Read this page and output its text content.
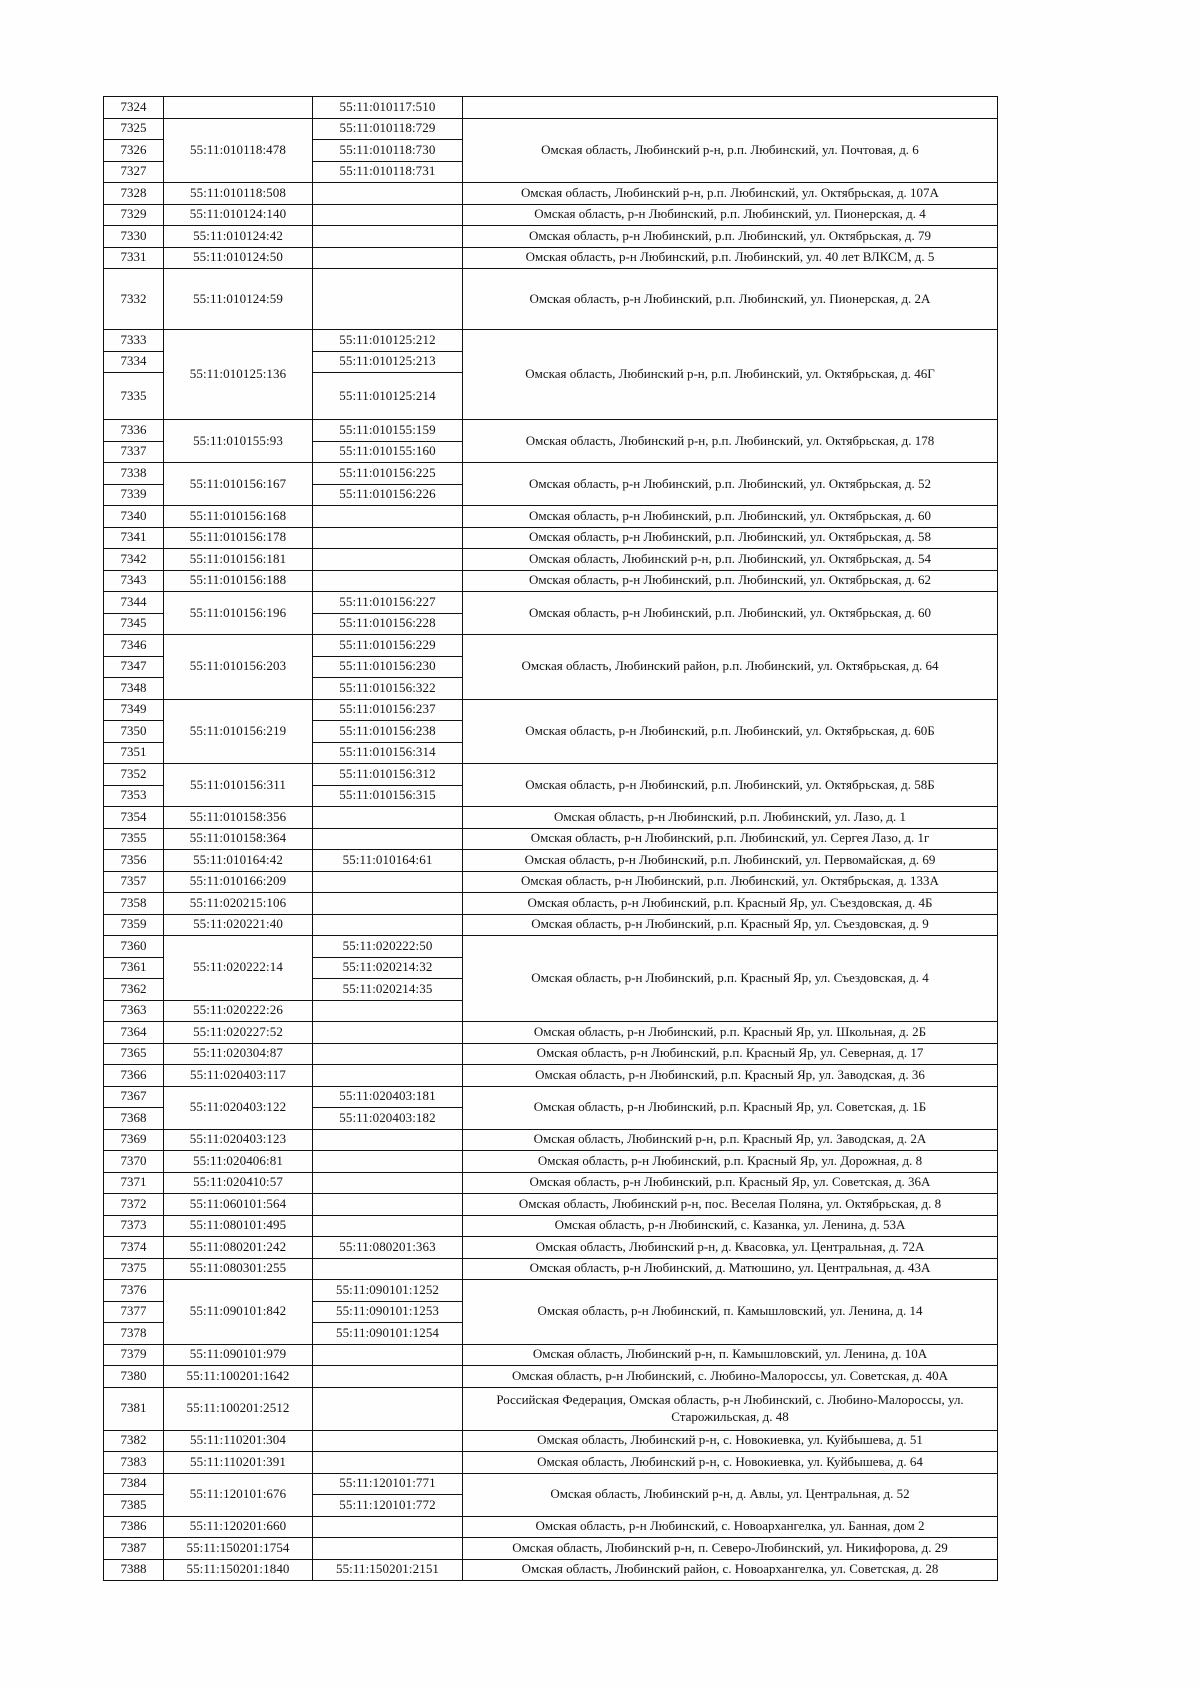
7324		55:11:010117:510	
7325	55:11:010118:478	55:11:010118:729	Омская область, Любинский р-н, р.п. Любинский, ул. Почтовая, д. 6
7326		55:11:010118:730	
7327		55:11:010118:731	
7328	55:11:010118:508		Омская область, Любинский р-н, р.п. Любинский, ул. Октябрьская, д. 107А
7329	55:11:010124:140		Омская область, р-н Любинский, р.п. Любинский, ул. Пионерская, д. 4
7330	55:11:010124:42		Омская область, р-н Любинский, р.п. Любинский, ул. Октябрьская, д. 79
7331	55:11:010124:50		Омская область, р-н Любинский, р.п. Любинский, ул. 40 лет ВЛКСМ, д. 5
7332	55:11:010124:59		Омская область, р-н Любинский, р.п. Любинский, ул. Пионерская, д. 2А
7333	55:11:010125:136	55:11:010125:212	Омская область, Любинский р-н, р.п. Любинский, ул. Октябрьская, д. 46Г
7334		55:11:010125:213	
7335		55:11:010125:214	
7336	55:11:010155:93	55:11:010155:159	Омская область, Любинский р-н, р.п. Любинский, ул. Октябрьская, д. 178
7337		55:11:010155:160	
7338	55:11:010156:167	55:11:010156:225	Омская область, р-н Любинский, р.п. Любинский, ул. Октябрьская, д. 52
7339		55:11:010156:226	
7340	55:11:010156:168		Омская область, р-н Любинский, р.п. Любинский, ул. Октябрьская, д. 60
7341	55:11:010156:178		Омская область, р-н Любинский, р.п. Любинский, ул. Октябрьская, д. 58
7342	55:11:010156:181		Омская область, Любинский р-н, р.п. Любинский, ул. Октябрьская, д. 54
7343	55:11:010156:188		Омская область, р-н Любинский, р.п. Любинский, ул. Октябрьская, д. 62
7344	55:11:010156:196	55:11:010156:227	Омская область, р-н Любинский, р.п. Любинский, ул. Октябрьская, д. 60
7345		55:11:010156:228	
7346	55:11:010156:203	55:11:010156:229	Омская область, Любинский район, р.п. Любинский, ул. Октябрьская, д. 64
7347		55:11:010156:230	
7348		55:11:010156:322	
7349	55:11:010156:219	55:11:010156:237	Омская область, р-н Любинский, р.п. Любинский, ул. Октябрьская, д. 60Б
7350		55:11:010156:238	
7351		55:11:010156:314	
7352	55:11:010156:311	55:11:010156:312	Омская область, р-н Любинский, р.п. Любинский, ул. Октябрьская, д. 58Б
7353		55:11:010156:315	
7354	55:11:010158:356		Омская область, р-н Любинский, р.п. Любинский, ул. Лазо, д. 1
7355	55:11:010158:364		Омская область, р-н Любинский, р.п. Любинский, ул. Сергея Лазо, д. 1г
7356	55:11:010164:42	55:11:010164:61	Омская область, р-н Любинский, р.п. Любинский, ул. Первомайская, д. 69
7357	55:11:010166:209		Омская область, р-н Любинский, р.п. Любинский, ул. Октябрьская, д. 133А
7358	55:11:020215:106		Омская область, р-н Любинский, р.п. Красный Яр, ул. Съездовская, д. 4Б
7359	55:11:020221:40		Омская область, р-н Любинский, р.п. Красный Яр, ул. Съездовская, д. 9
7360	55:11:020222:14	55:11:020222:50	Омская область, р-н Любинский, р.п. Красный Яр, ул. Съездовская, д. 4
7361		55:11:020214:32	
7362		55:11:020214:35	
7363	55:11:020222:26		
7364	55:11:020227:52		Омская область, р-н Любинский, р.п. Красный Яр, ул. Школьная, д. 2Б
7365	55:11:020304:87		Омская область, р-н Любинский, р.п. Красный Яр, ул. Северная, д. 17
7366	55:11:020403:117		Омская область, р-н Любинский, р.п. Красный Яр, ул. Заводская, д. 36
7367	55:11:020403:122	55:11:020403:181	Омская область, р-н Любинский, р.п. Красный Яр, ул. Советская, д. 1Б
7368		55:11:020403:182	
7369	55:11:020403:123		Омская область, Любинский р-н, р.п. Красный Яр, ул. Заводская, д. 2А
7370	55:11:020406:81		Омская область, р-н Любинский, р.п. Красный Яр, ул. Дорожная, д. 8
7371	55:11:020410:57		Омская область, р-н Любинский, р.п. Красный Яр, ул. Советская, д. 36А
7372	55:11:060101:564		Омская область, Любинский р-н, пос. Веселая Поляна, ул. Октябрьская, д. 8
7373	55:11:080101:495		Омская область, р-н Любинский, с. Казанка, ул. Ленина, д. 53А
7374	55:11:080201:242	55:11:080201:363	Омская область, Любинский р-н, д. Квасовка, ул. Центральная, д. 72А
7375	55:11:080301:255		Омская область, р-н Любинский, д. Матюшино, ул. Центральная, д. 43А
7376	55:11:090101:842	55:11:090101:1252	Омская область, р-н Любинский, п. Камышловский, ул. Ленина, д. 14
7377		55:11:090101:1253	
7378		55:11:090101:1254	
7379	55:11:090101:979		Омская область, Любинский р-н, п. Камышловский, ул. Ленина, д. 10А
7380	55:11:100201:1642		Омская область, р-н Любинский, с. Любино-Малороссы, ул. Советская, д. 40А
7381	55:11:100201:2512		Российская Федерация, Омская область, р-н Любинский, с. Любино-Малороссы, ул. Старожильская, д. 48
7382	55:11:110201:304		Омская область, Любинский р-н, с. Новокиевка, ул. Куйбышева, д. 51
7383	55:11:110201:391		Омская область, Любинский р-н, с. Новокиевка, ул. Куйбышева, д. 64
7384	55:11:120101:676	55:11:120101:771	Омская область, Любинский р-н, д. Авлы, ул. Центральная, д. 52
7385		55:11:120101:772	
7386	55:11:120201:660		Омская область, р-н Любинский, с. Новоархангелка, ул. Банная, дом 2
7387	55:11:150201:1754		Омская область, Любинский р-н, п. Северо-Любинский, ул. Никифорова, д. 29
7388	55:11:150201:1840	55:11:150201:2151	Омская область, Любинский район, с. Новоархангелка, ул. Советская, д. 28
